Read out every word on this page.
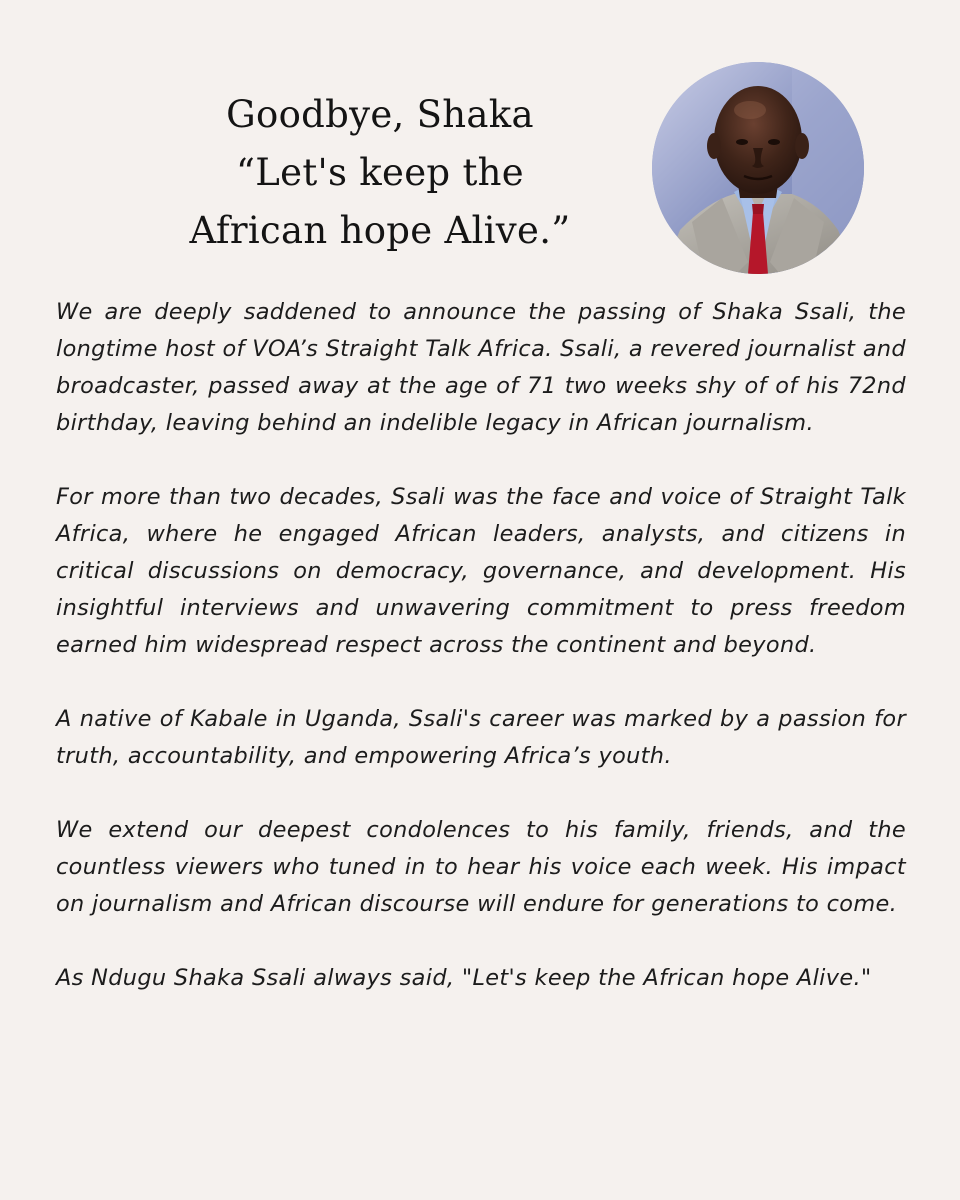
Goodbye, Shaka
“Let's keep the
African hope Alive.”

We are deeply saddened to announce the passing of Shaka Ssali, the longtime host of VOA’s Straight Talk Africa. Ssali, a revered journalist and broadcaster, passed away at the age of 71 two weeks shy of of his 72nd birthday, leaving behind an indelible legacy in African journalism.

For more than two decades, Ssali was the face and voice of Straight Talk Africa, where he engaged African leaders, analysts, and citizens in critical discussions on democracy, governance, and development. His insightful interviews and unwavering commitment to press freedom earned him widespread respect across the continent and beyond.

A native of Kabale in Uganda, Ssali's career was marked by a passion for truth, accountability, and empowering Africa’s youth.

We extend our deepest condolences to his family, friends, and the countless viewers who tuned in to hear his voice each week. His impact on journalism and African discourse will endure for generations to come.

As Ndugu Shaka Ssali always said, "Let's keep the African hope Alive."
